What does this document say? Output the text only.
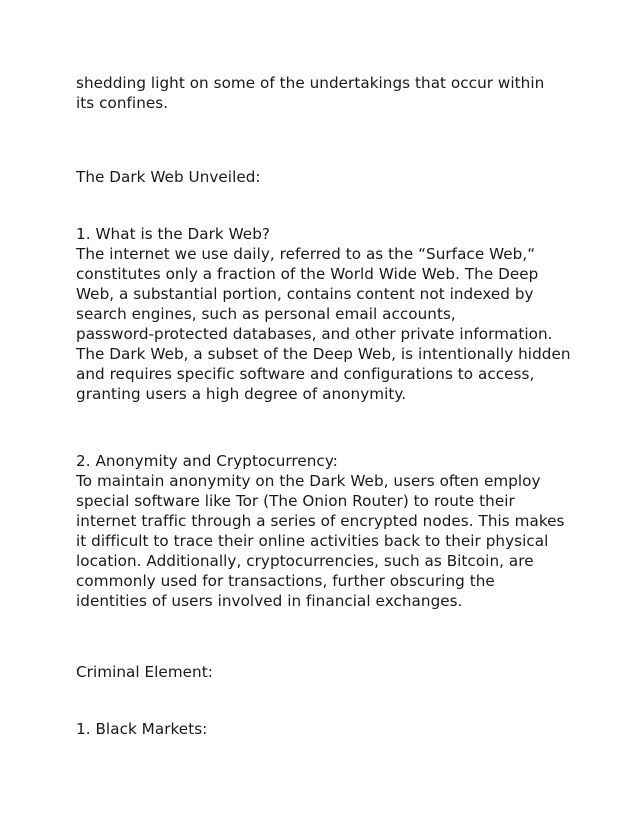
shedding light on some of the undertakings that occur within
its confines.
The Dark Web Unveiled:
1. What is the Dark Web?
The internet we use daily, referred to as the “Surface Web,“
constitutes only a fraction of the World Wide Web. The Deep
Web, a substantial portion, contains content not indexed by
search engines, such as personal email accounts,
password-protected databases, and other private information.
The Dark Web, a subset of the Deep Web, is intentionally hidden
and requires specific software and configurations to access,
granting users a high degree of anonymity.
2. Anonymity and Cryptocurrency:
To maintain anonymity on the Dark Web, users often employ
special software like Tor (The Onion Router) to route their
internet traffic through a series of encrypted nodes. This makes
it difficult to trace their online activities back to their physical
location. Additionally, cryptocurrencies, such as Bitcoin, are
commonly used for transactions, further obscuring the
identities of users involved in financial exchanges.
Criminal Element:
1. Black Markets:
